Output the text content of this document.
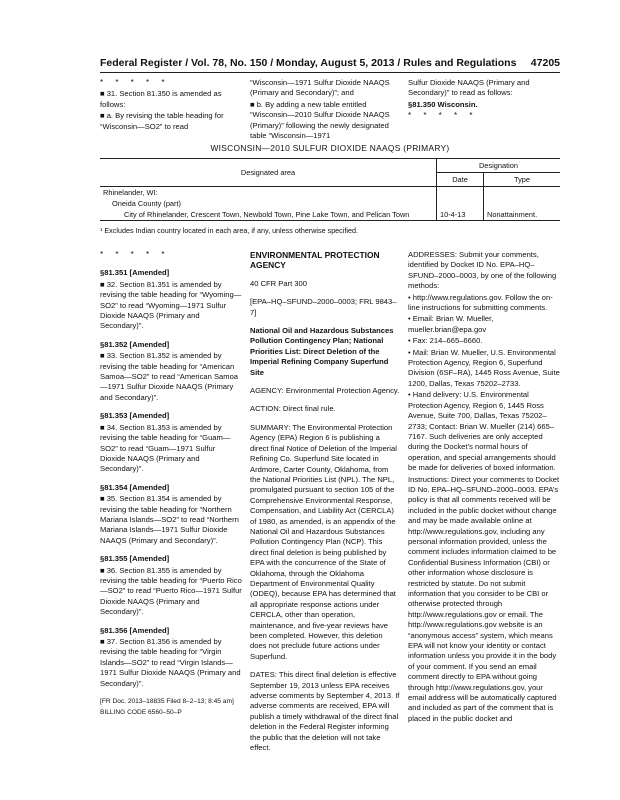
Federal Register / Vol. 78, No. 150 / Monday, August 5, 2013 / Rules and Regulations 47205

* * * * *

■ 31. Section 81.350 is amended as follows:

■ a. By revising the table heading for “Wisconsin—SO2” to read

“Wisconsin—1971 Sulfur Dioxide NAAQS (Primary and Secondary)”; and

■ b. By adding a new table entitled “Wisconsin—2010 Sulfur Dioxide NAAQS (Primary)” following the newly designated table “Wisconsin—1971

Sulfur Dioxide NAAQS (Primary and Secondary)” to read as follows:

§81.350 Wisconsin.

* * * * *

WISCONSIN—2010 SULFUR DIOXIDE NAAQS (PRIMARY)
Designated area	Designation	
	Date	Type
Rhinelander, WI:		
Oneida County (part)		
City of Rhinelander, Crescent Town, Newbold Town, Pine Lake Town, and Pelican Town	10-4-13	Nonattainment.
¹ Excludes Indian country located in each area, if any, unless otherwise specified.

* * * * *

§81.351 [Amended]

■ 32. Section 81.351 is amended by revising the table heading for “Wyoming—SO2” to read “Wyoming—1971 Sulfur Dioxide NAAQS (Primary and Secondary)”.

§81.352 [Amended]

■ 33. Section 81.352 is amended by revising the table heading for “American Samoa—SO2” to read “American Samoa—1971 Sulfur Dioxide NAAQS (Primary and Secondary)”.

§81.353 [Amended]

■ 34. Section 81.353 is amended by revising the table heading for “Guam—SO2” to read “Guam—1971 Sulfur Dioxide NAAQS (Primary and Secondary)”.

§81.354 [Amended]

■ 35. Section 81.354 is amended by revising the table heading for “Northern Mariana Islands—SO2” to read “Northern Mariana Islands—1971 Sulfur Dioxide NAAQS (Primary and Secondary)”.

§81.355 [Amended]

■ 36. Section 81.355 is amended by revising the table heading for “Puerto Rico—SO2” to read “Puerto Rico—1971 Sulfur Dioxide NAAQS (Primary and Secondary)”.

§81.356 [Amended]

■ 37. Section 81.356 is amended by revising the table heading for “Virgin Islands—SO2” to read “Virgin Islands—1971 Sulfur Dioxide NAAQS (Primary and Secondary)”.

[FR Doc. 2013–18835 Filed 8–2–13; 8:45 am]

BILLING CODE 6560–50–P

ENVIRONMENTAL PROTECTION AGENCY

40 CFR Part 300

[EPA–HQ–SFUND–2000–0003; FRL 9843–7]

National Oil and Hazardous Substances Pollution Contingency Plan; National Priorities List: Direct Deletion of the Imperial Refining Company Superfund Site

AGENCY: Environmental Protection Agency.

ACTION: Direct final rule.

SUMMARY: The Environmental Protection Agency (EPA) Region 6 is publishing a direct final Notice of Deletion of the Imperial Refining Co. Superfund Site located in Ardmore, Carter County, Oklahoma, from the National Priorities List (NPL). The NPL, promulgated pursuant to section 105 of the Comprehensive Environmental Response, Compensation, and Liability Act (CERCLA) of 1980, as amended, is an appendix of the National Oil and Hazardous Substances Pollution Contingency Plan (NCP). This direct final deletion is being published by EPA with the concurrence of the State of Oklahoma, through the Oklahoma Department of Environmental Quality (ODEQ), because EPA has determined that all appropriate response actions under CERCLA, other than operation, maintenance, and five-year reviews have been completed. However, this deletion does not preclude future actions under Superfund.

DATES: This direct final deletion is effective September 19, 2013 unless EPA receives adverse comments by September 4, 2013. If adverse comments are received, EPA will publish a timely withdrawal of the direct final deletion in the Federal Register informing the public that the deletion will not take effect.

ADDRESSES: Submit your comments, identified by Docket ID No. EPA–HQ–SFUND–2000–0003, by one of the following methods:

• http://www.regulations.gov. Follow the on-line instructions for submitting comments.

• Email: Brian W. Mueller, mueller.brian@epa.gov

• Fax: 214–665–6660.

• Mail: Brian W. Mueller, U.S. Environmental Protection Agency, Region 6, Superfund Division (6SF–RA), 1445 Ross Avenue, Suite 1200, Dallas, Texas 75202–2733.

• Hand delivery: U.S. Environmental Protection Agency, Region 6, 1445 Ross Avenue, Suite 700, Dallas, Texas 75202–2733; Contact: Brian W. Mueller (214) 665–7167. Such deliveries are only accepted during the Docket’s normal hours of operation, and special arrangements should be made for deliveries of boxed information.

Instructions: Direct your comments to Docket ID No. EPA–HQ–SFUND–2000–0003. EPA’s policy is that all comments received will be included in the public docket without change and may be made available online at http://www.regulations.gov, including any personal information provided, unless the comment includes information claimed to be Confidential Business Information (CBI) or other information whose disclosure is restricted by statute. Do not submit information that you consider to be CBI or otherwise protected through http://www.regulations.gov or email. The http://www.regulations.gov website is an “anonymous access” system, which means EPA will not know your identity or contact information unless you provide it in the body of your comment. If you send an email comment directly to EPA without going through http://www.regulations.gov, your email address will be automatically captured and included as part of the comment that is placed in the public docket and
